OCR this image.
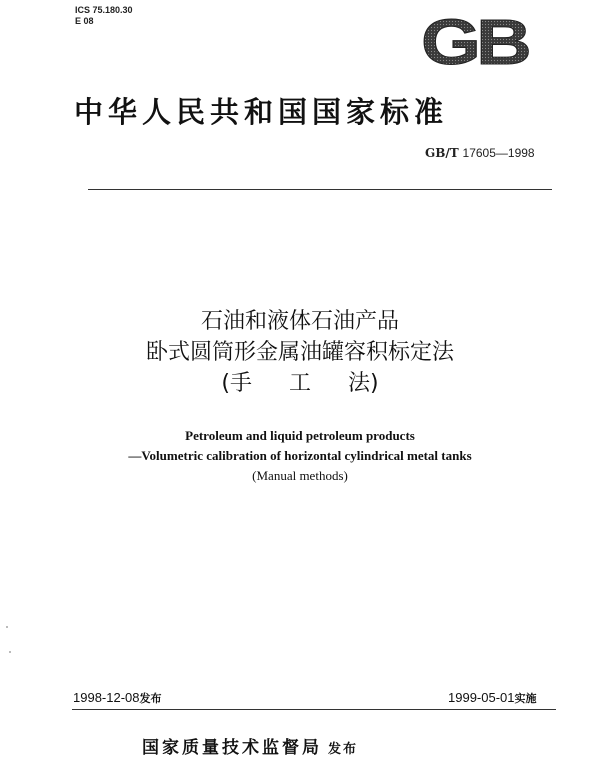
ICS 75.180.30
E 08	GB
中华人民共和国国家标准
GB/T 17605—1998
石油和液体石油产品
卧式圆筒形金属油罐容积标定法
(手 工 法)
Petroleum and liquid petroleum products
—Volumetric calibration of horizontal cylindrical metal tanks
(Manual methods)
1998-12-08发布	1999-05-01实施
国家质量技术监督局 发布
